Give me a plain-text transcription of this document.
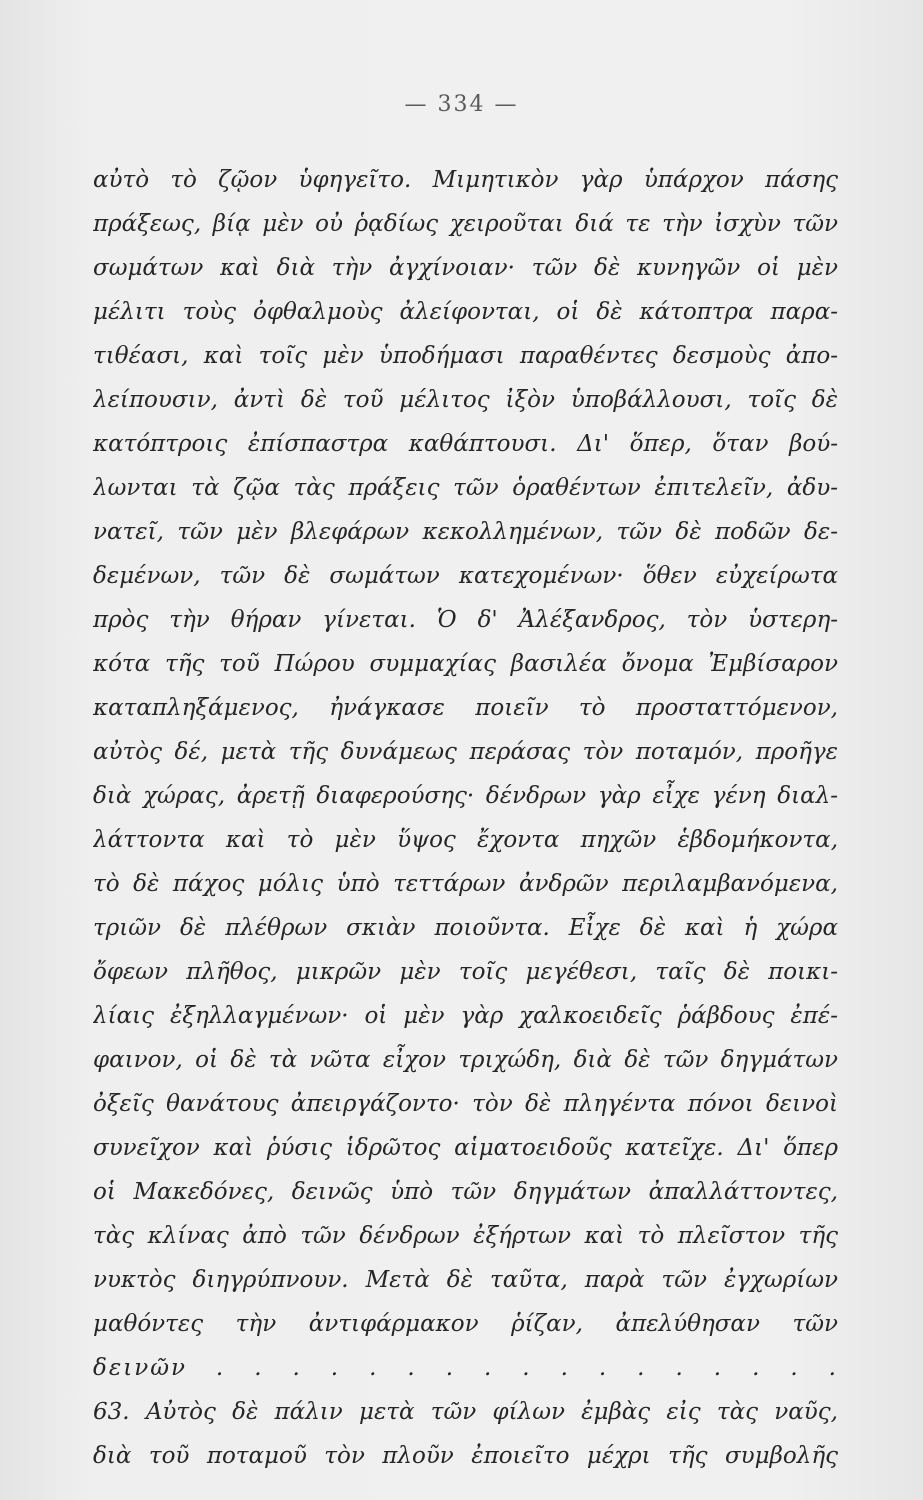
— 334 —
αὐτὸ τὸ ζῷον ὑφηγεῖτο. Μιμητικὸν γὰρ ὑπάρχον πάσης
πράξεως, βίᾳ μὲν οὐ ῥᾳδίως χειροῦται διά τε τὴν ἰσχὺν τῶν
σωμάτων καὶ διὰ τὴν ἀγχίνοιαν· τῶν δὲ κυνηγῶν οἱ μὲν
μέλιτι τοὺς ὀφθαλμοὺς ἀλείφονται, οἱ δὲ κάτοπτρα παρα-
τιθέασι, καὶ τοῖς μὲν ὑποδήμασι παραθέντες δεσμοὺς ἀπο-
λείπουσιν, ἀντὶ δὲ τοῦ μέλιτος ἰξὸν ὑποβάλλουσι, τοῖς δὲ
κατόπτροις ἐπίσπαστρα καθάπτουσι. Δι' ὅπερ, ὅταν βού-
λωνται τὰ ζῷα τὰς πράξεις τῶν ὁραθέντων ἐπιτελεῖν, ἀδυ-
νατεῖ, τῶν μὲν βλεφάρων κεκολλημένων, τῶν δὲ ποδῶν δε-
δεμένων, τῶν δὲ σωμάτων κατεχομένων· ὅθεν εὐχείρωτα
πρὸς τὴν θήραν γίνεται. Ὁ δ' Ἀλέξανδρος, τὸν ὑστερη-
κότα τῆς τοῦ Πώρου συμμαχίας βασιλέα ὄνομα Ἐμβίσαρον
καταπληξάμενος, ἠνάγκασε ποιεῖν τὸ προσταττόμενον,
αὐτὸς δέ, μετὰ τῆς δυνάμεως περάσας τὸν ποταμόν, προῆγε
διὰ χώρας, ἀρετῇ διαφερούσης· δένδρων γὰρ εἶχε γένη διαλ-
λάττοντα καὶ τὸ μὲν ὕψος ἔχοντα πηχῶν ἑβδομήκοντα,
τὸ δὲ πάχος μόλις ὑπὸ τεττάρων ἀνδρῶν περιλαμβανόμενα,
τριῶν δὲ πλέθρων σκιὰν ποιοῦντα. Εἶχε δὲ καὶ ἡ χώρα
ὄφεων πλῆθος, μικρῶν μὲν τοῖς μεγέθεσι, ταῖς δὲ ποικι-
λίαις ἐξηλλαγμένων· οἱ μὲν γὰρ χαλκοειδεῖς ῥάβδους ἐπέ-
φαινον, οἱ δὲ τὰ νῶτα εἶχον τριχώδη, διὰ δὲ τῶν δηγμάτων
ὀξεῖς θανάτους ἀπειργάζοντο· τὸν δὲ πληγέντα πόνοι δεινοὶ
συνεῖχον καὶ ῥύσις ἱδρῶτος αἱματοειδοῦς κατεῖχε. Δι' ὅπερ
οἱ Μακεδόνες, δεινῶς ὑπὸ τῶν δηγμάτων ἀπαλλάττοντες,
τὰς κλίνας ἀπὸ τῶν δένδρων ἐξήρτων καὶ τὸ πλεῖστον τῆς
νυκτὸς διηγρύπνουν. Μετὰ δὲ ταῦτα, παρὰ τῶν ἐγχωρίων
μαθόντες τὴν ἀντιφάρμακον ῥίζαν, ἀπελύθησαν τῶν
δεινῶν . . . . . . . . . . . . . . . . .
63. Αὐτὸς δὲ πάλιν μετὰ τῶν φίλων ἐμβὰς εἰς τὰς ναῦς,
διὰ τοῦ ποταμοῦ τὸν πλοῦν ἐποιεῖτο μέχρι τῆς συμβολῆς
